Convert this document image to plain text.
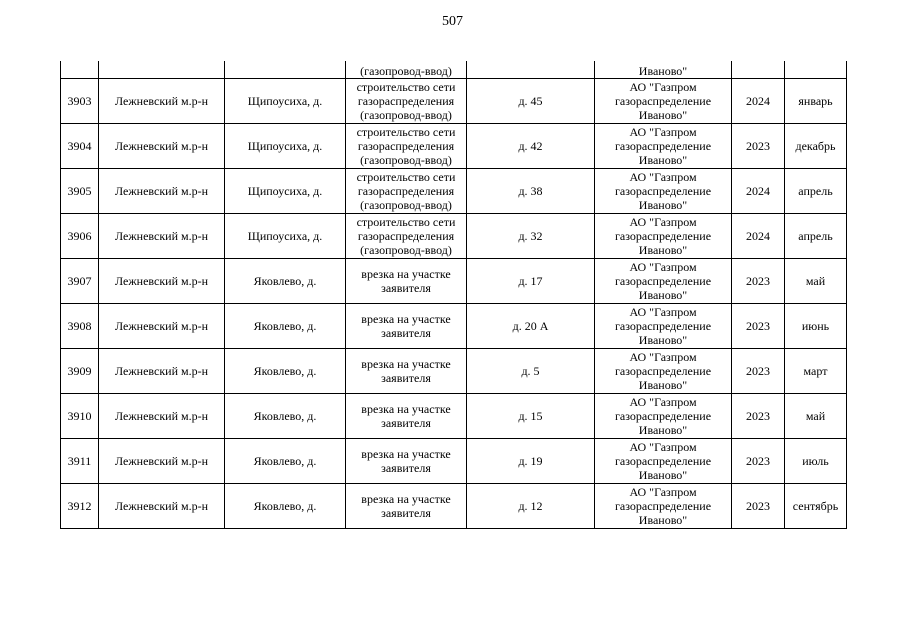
507
			(газопровод-ввод)		Иваново"		
3903	Лежневский м.р-н	Щипоусиха, д.	строительство сети
газораспределения
(газопровод-ввод)	д. 45	АО "Газпром
газораспределение
Иваново"	2024	январь
3904	Лежневский м.р-н	Щипоусиха, д.	строительство сети
газораспределения
(газопровод-ввод)	д. 42	АО "Газпром
газораспределение
Иваново"	2023	декабрь
3905	Лежневский м.р-н	Щипоусиха, д.	строительство сети
газораспределения
(газопровод-ввод)	д. 38	АО "Газпром
газораспределение
Иваново"	2024	апрель
3906	Лежневский м.р-н	Щипоусиха, д.	строительство сети
газораспределения
(газопровод-ввод)	д. 32	АО "Газпром
газораспределение
Иваново"	2024	апрель
3907	Лежневский м.р-н	Яковлево, д.	врезка на участке
заявителя	д. 17	АО "Газпром
газораспределение
Иваново"	2023	май
3908	Лежневский м.р-н	Яковлево, д.	врезка на участке
заявителя	д. 20 А	АО "Газпром
газораспределение
Иваново"	2023	июнь
3909	Лежневский м.р-н	Яковлево, д.	врезка на участке
заявителя	д. 5	АО "Газпром
газораспределение
Иваново"	2023	март
3910	Лежневский м.р-н	Яковлево, д.	врезка на участке
заявителя	д. 15	АО "Газпром
газораспределение
Иваново"	2023	май
3911	Лежневский м.р-н	Яковлево, д.	врезка на участке
заявителя	д. 19	АО "Газпром
газораспределение
Иваново"	2023	июль
3912	Лежневский м.р-н	Яковлево, д.	врезка на участке
заявителя	д. 12	АО "Газпром
газораспределение
Иваново"	2023	сентябрь
